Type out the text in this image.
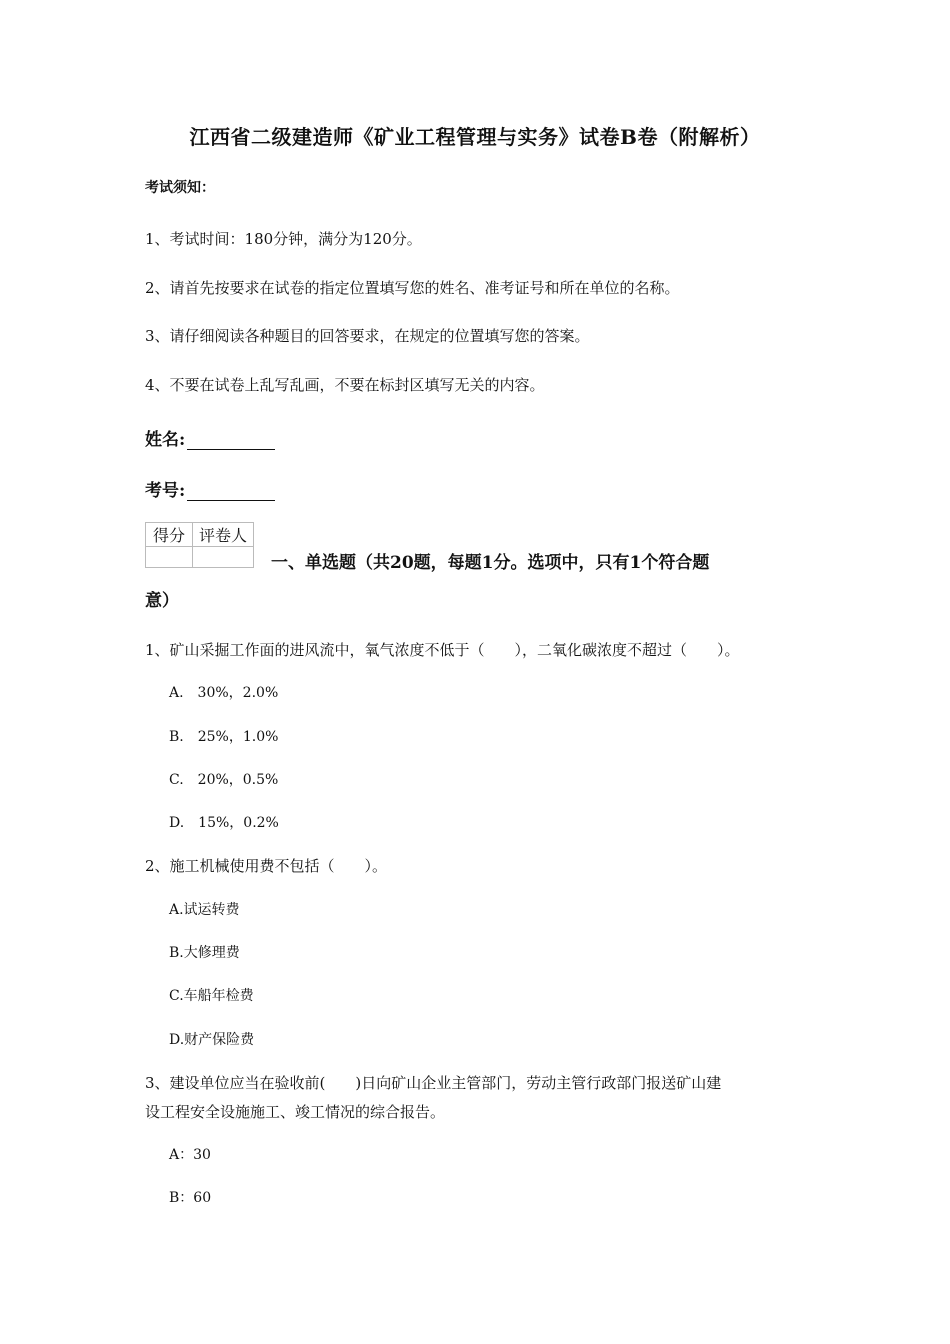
江西省二级建造师《矿业工程管理与实务》试卷B卷（附解析）
考试须知：
1、考试时间：180分钟，满分为120分。
2、请首先按要求在试卷的指定位置填写您的姓名、准考证号和所在单位的名称。
3、请仔细阅读各种题目的回答要求，在规定的位置填写您的答案。
4、不要在试卷上乱写乱画，不要在标封区填写无关的内容。
姓名:
考号:
得分	评卷人

一、单选题（共20题，每题1分。选项中，只有1个符合题
意）
1、矿山采掘工作面的进风流中，氧气浓度不低于（　　），二氧化碳浓度不超过（　　）。
A.　30%，2.0%
B.　25%，1.0%
C.　20%，0.5%
D.　15%，0.2%
2、施工机械使用费不包括（　　）。
A.试运转费
B.大修理费
C.车船年检费
D.财产保险费
3、建设单位应当在验收前(　　)日向矿山企业主管部门，劳动主管行政部门报送矿山建
设工程安全设施施工、竣工情况的综合报告。
A：30
B：60
